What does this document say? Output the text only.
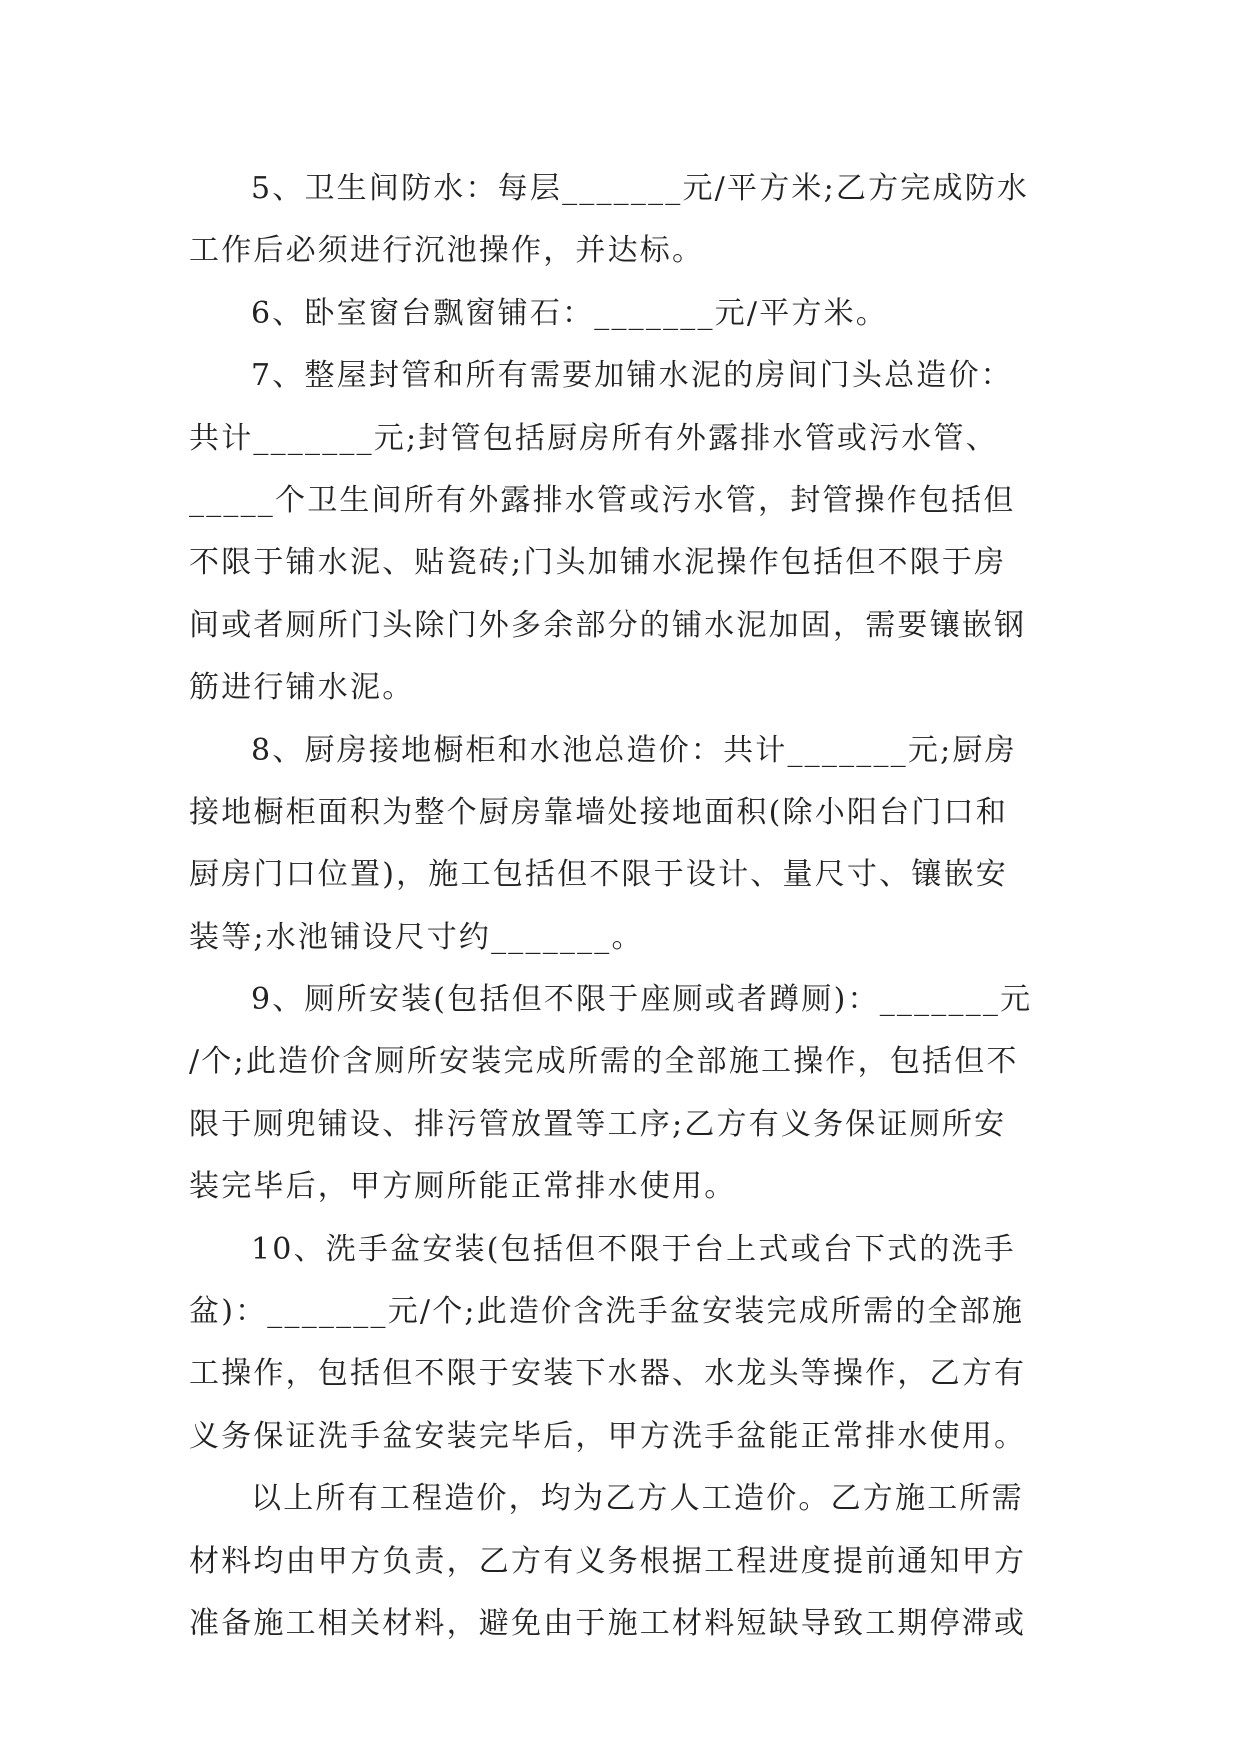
5、卫生间防水：每层_______元/平方米;乙方完成防水
工作后必须进行沉池操作，并达标。
6、卧室窗台飘窗铺石：_______元/平方米。
7、整屋封管和所有需要加铺水泥的房间门头总造价：
共计_______元;封管包括厨房所有外露排水管或污水管、
_____个卫生间所有外露排水管或污水管，封管操作包括但
不限于铺水泥、贴瓷砖;门头加铺水泥操作包括但不限于房
间或者厕所门头除门外多余部分的铺水泥加固，需要镶嵌钢
筋进行铺水泥。
8、厨房接地橱柜和水池总造价：共计_______元;厨房
接地橱柜面积为整个厨房靠墙处接地面积(除小阳台门口和
厨房门口位置)，施工包括但不限于设计、量尺寸、镶嵌安
装等;水池铺设尺寸约_______。
9、厕所安装(包括但不限于座厕或者蹲厕)：_______元
/个;此造价含厕所安装完成所需的全部施工操作，包括但不
限于厕兜铺设、排污管放置等工序;乙方有义务保证厕所安
装完毕后，甲方厕所能正常排水使用。
10、洗手盆安装(包括但不限于台上式或台下式的洗手
盆)：_______元/个;此造价含洗手盆安装完成所需的全部施
工操作，包括但不限于安装下水器、水龙头等操作，乙方有
义务保证洗手盆安装完毕后，甲方洗手盆能正常排水使用。
以上所有工程造价，均为乙方人工造价。乙方施工所需
材料均由甲方负责，乙方有义务根据工程进度提前通知甲方
准备施工相关材料，避免由于施工材料短缺导致工期停滞或
